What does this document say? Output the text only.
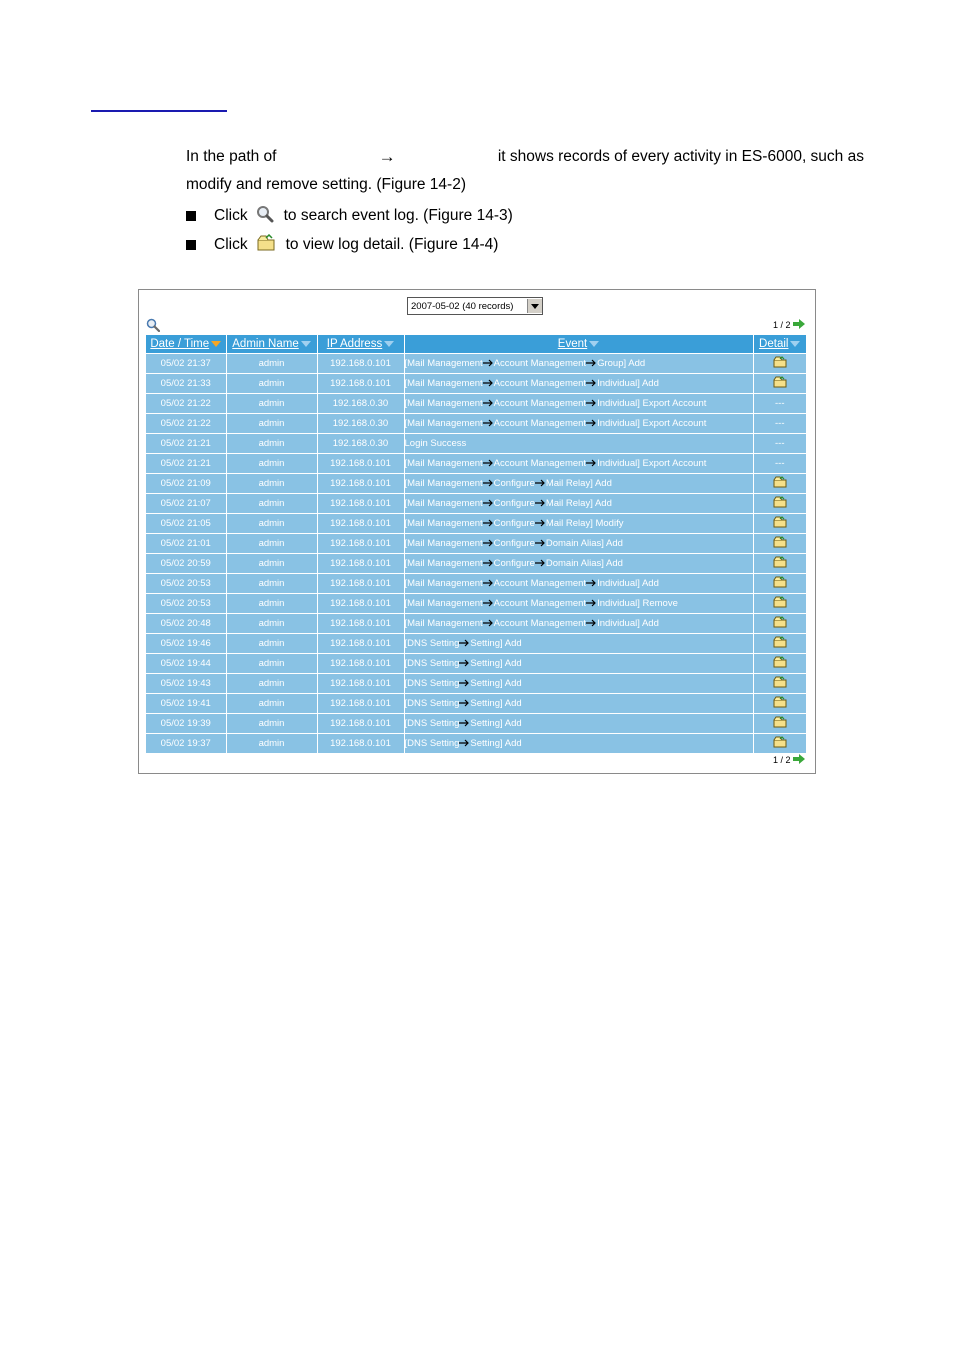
In the path of	→	it shows records of every activity in ES-6000, such as
modify and remove setting. (Figure 14-2)
Click to search event log. (Figure 14-3)
Click to view log detail. (Figure 14-4)
2007-05-02 (40 records)
1 / 2
Date / Time	Admin Name	IP Address	Event	Detail
05/02 21:37	admin	192.168.0.101	[Mail Management Account Management Group] Add	
05/02 21:33	admin	192.168.0.101	[Mail Management Account Management Individual] Add	
05/02 21:22	admin	192.168.0.30	[Mail Management Account Management Individual] Export Account	---
05/02 21:22	admin	192.168.0.30	[Mail Management Account Management Individual] Export Account	---
05/02 21:21	admin	192.168.0.30	Login Success	---
05/02 21:21	admin	192.168.0.101	[Mail Management Account Management Individual] Export Account	---
05/02 21:09	admin	192.168.0.101	[Mail Management Configure Mail Relay] Add	
05/02 21:07	admin	192.168.0.101	[Mail Management Configure Mail Relay] Add	
05/02 21:05	admin	192.168.0.101	[Mail Management Configure Mail Relay] Modify	
05/02 21:01	admin	192.168.0.101	[Mail Management Configure Domain Alias] Add	
05/02 20:59	admin	192.168.0.101	[Mail Management Configure Domain Alias] Add	
05/02 20:53	admin	192.168.0.101	[Mail Management Account Management Individual] Add	
05/02 20:53	admin	192.168.0.101	[Mail Management Account Management Individual] Remove	
05/02 20:48	admin	192.168.0.101	[Mail Management Account Management Individual] Add	
05/02 19:46	admin	192.168.0.101	[DNS Setting Setting] Add	
05/02 19:44	admin	192.168.0.101	[DNS Setting Setting] Add	
05/02 19:43	admin	192.168.0.101	[DNS Setting Setting] Add	
05/02 19:41	admin	192.168.0.101	[DNS Setting Setting] Add	
05/02 19:39	admin	192.168.0.101	[DNS Setting Setting] Add	
05/02 19:37	admin	192.168.0.101	[DNS Setting Setting] Add	
1 / 2
